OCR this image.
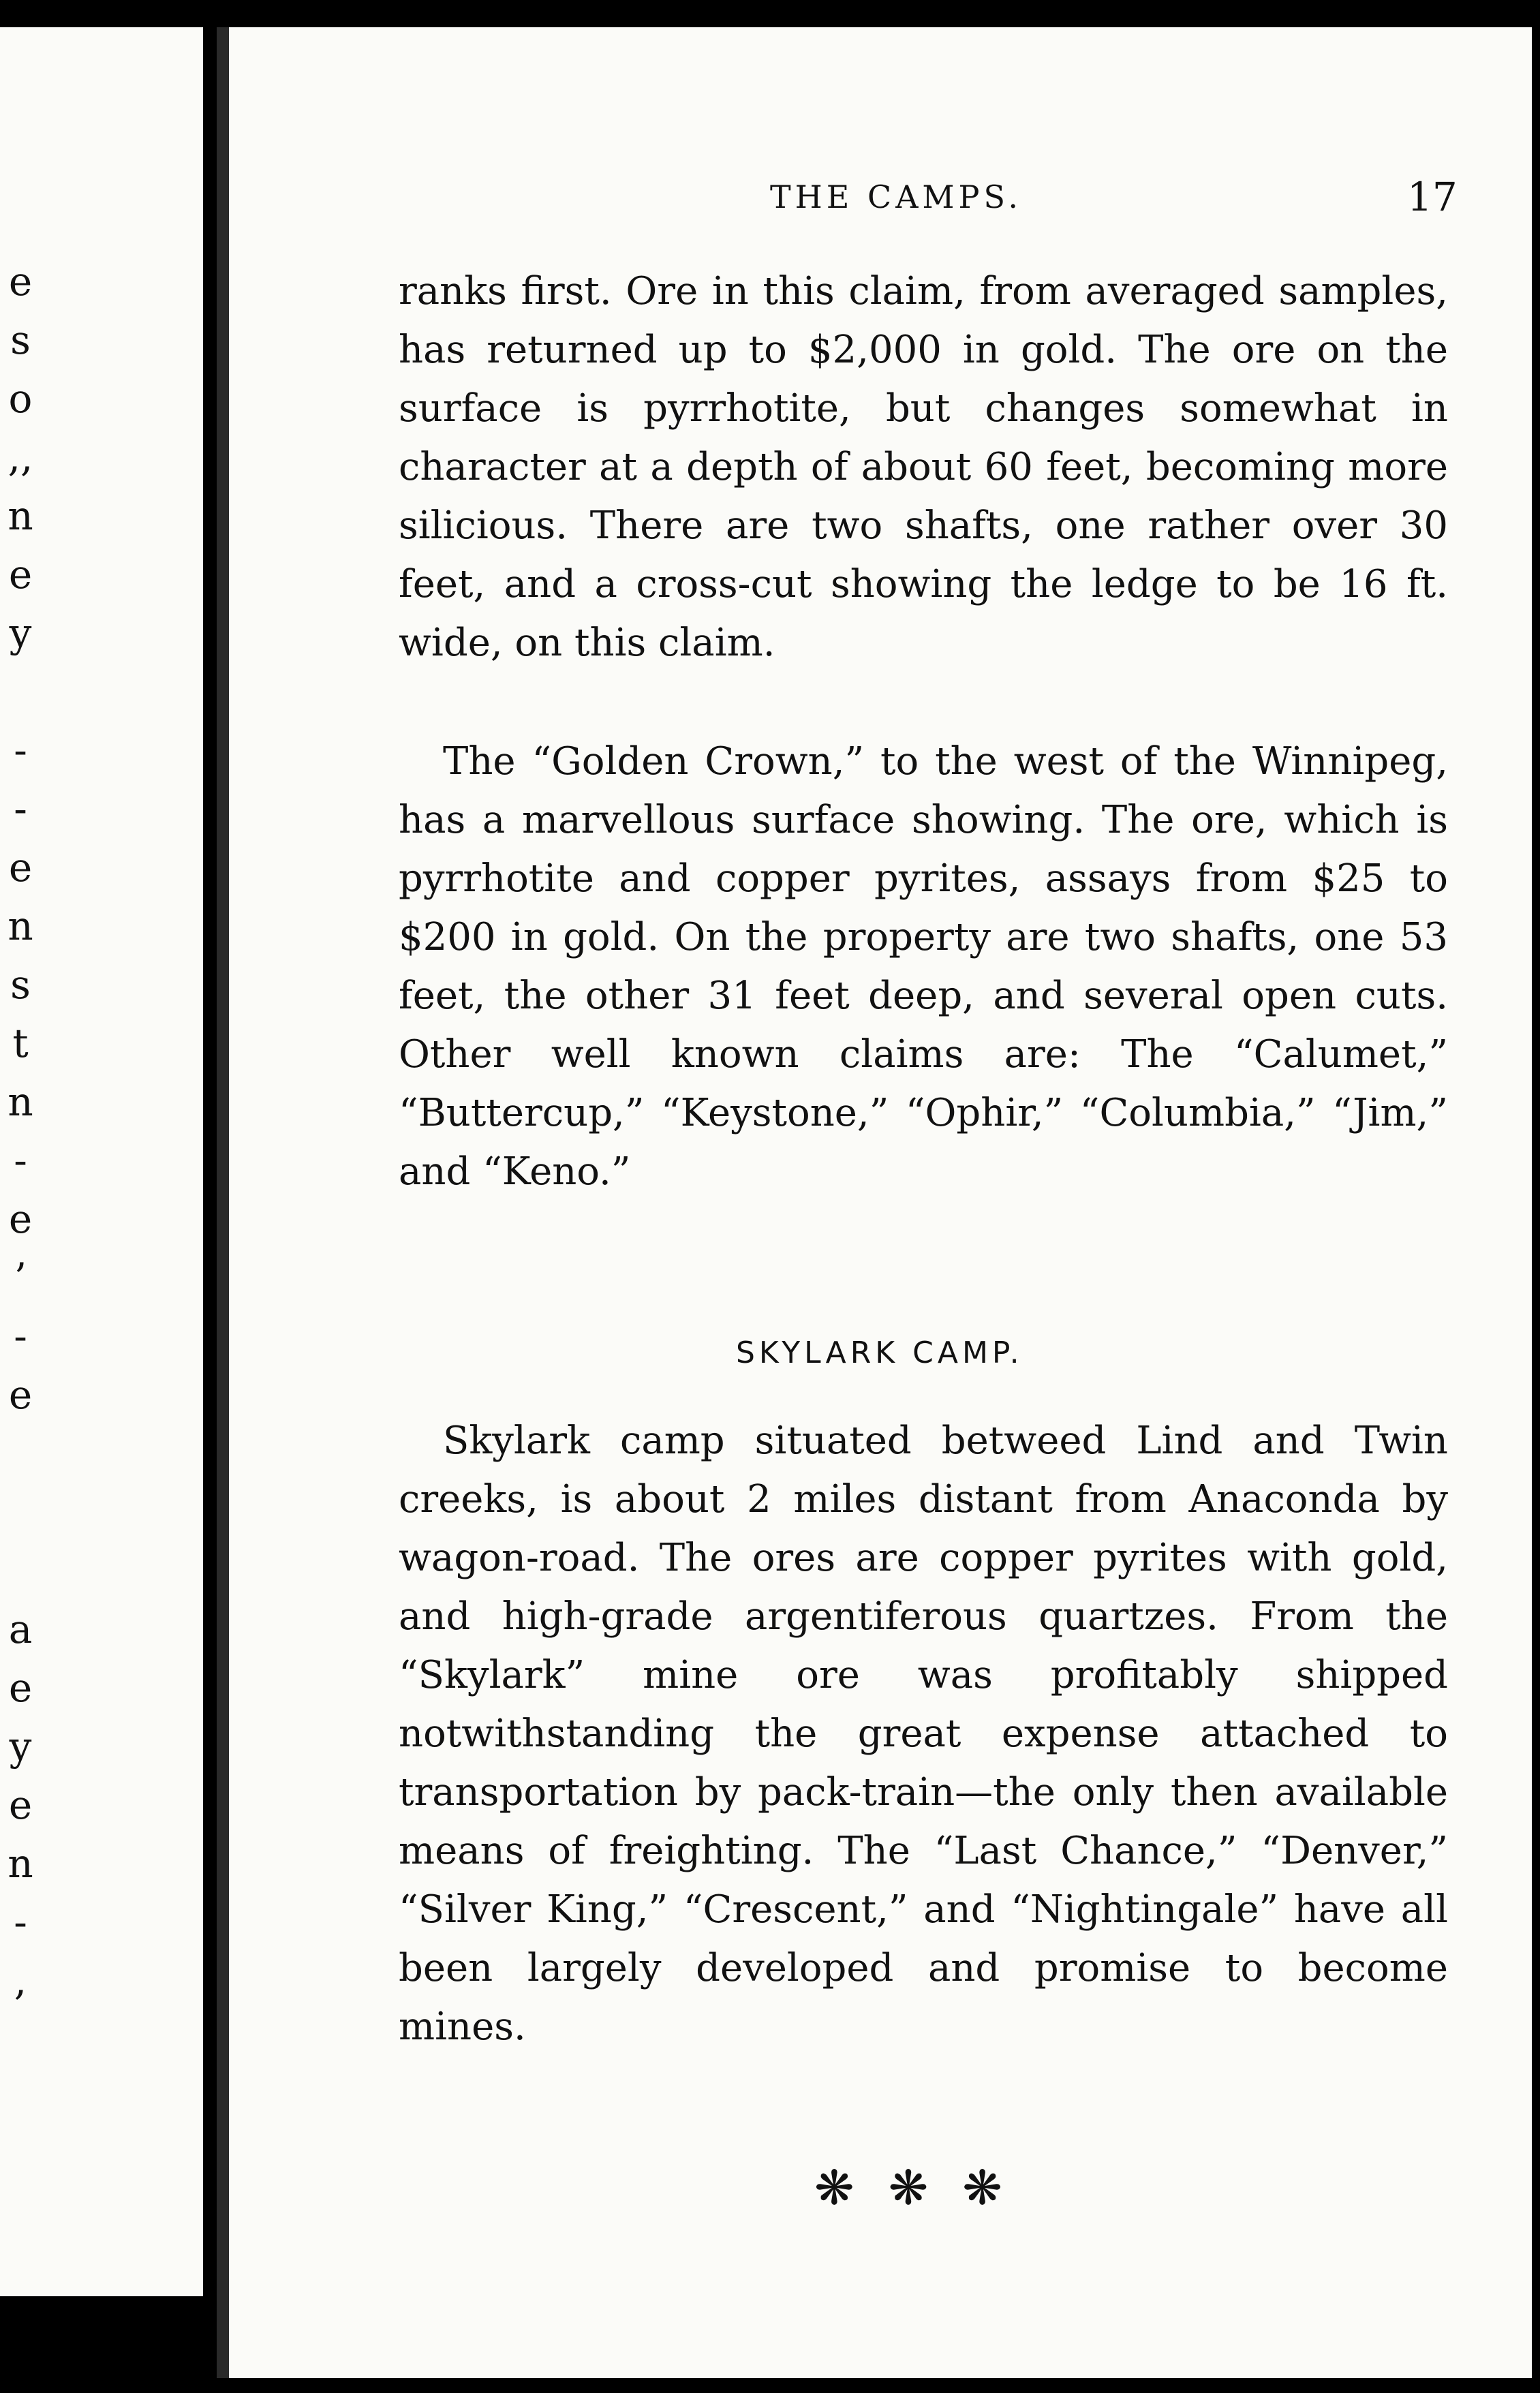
e
s
o
,,
n
e
y

-
-
e
n
s
t
n
-
e
’
-
e

a
e
y
e
n
-
,
THE CAMPS.	17

ranks first. Ore in this claim, from averaged samples, has returned up to $2,000 in gold. The ore on the surface is pyrrhotite, but changes somewhat in character at a depth of about 60 feet, becoming more silicious. There are two shafts, one rather over 30 feet, and a cross-cut showing the ledge to be 16 ft. wide, on this claim.

The “Golden Crown,” to the west of the Winnipeg, has a marvellous surface showing. The ore, which is pyrrhotite and copper pyrites, assays from $25 to $200 in gold. On the property are two shafts, one 53 feet, the other 31 feet deep, and several open cuts. Other well known claims are: The “Calumet,” “Buttercup,” “Keystone,” “Ophir,” “Columbia,” “Jim,” and “Keno.”

SKYLARK CAMP.

Skylark camp situated betweed Lind and Twin creeks, is about 2 miles distant from Anaconda by wagon-road. The ores are copper pyrites with gold, and high-grade argentiferous quartzes. From the “Skylark” mine ore was profitably shipped notwithstanding the great expense attached to transportation by pack-train—the only then available means of freighting. The “Last Chance,” “Denver,” “Silver King,” “Crescent,” and “Nightingale” have all been largely developed and promise to become mines.

❋❋❋
